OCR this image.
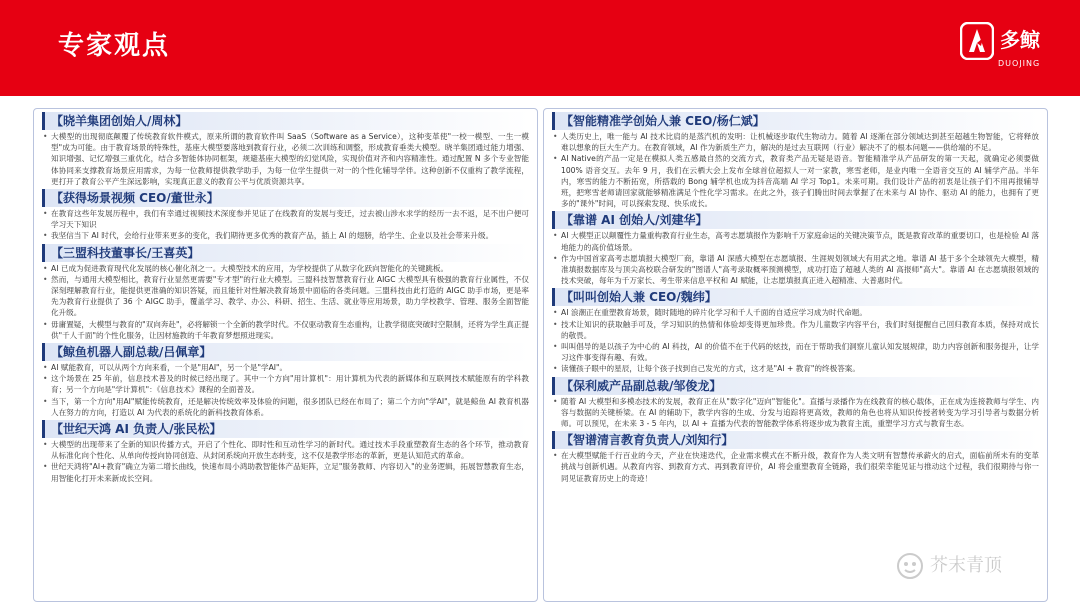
专家观点	多鲸
DUOJING
【晓羊集团创始人/周林】

• 大模型的出现彻底颠覆了传统教育软件模式，原来所谓的教育软件叫 SaaS（Software as a Service），这种变革使"一校一模型、一生一模型"成为可能。由于教育场景的特殊性，基座大模型要落地到教育行业，必须二次训练和调整，形成教育垂类大模型。晓羊集团通过能力增强、知识增强、记忆增强三重优化，结合多智能体协同框架，规避基座大模型的幻觉风险，实现价值对齐和内容精准性。通过配置 N 多个专业智能体协同来支撑教育场景应用需求，为每一位教师提供教学助手，为每一位学生提供一对一的个性化辅导学伴。这种创新不仅重构了教学流程，更打开了教育公平产生深远影响，实现真正意义的教育公平与优质资源共享。

【获得场景视频 CEO/董世永】

• 在教育这些年发展历程中，我们有幸通过视频技术深度参并见证了在线教育的发展与变迁，过去被山涉水求学的经历一去不返，足不出户便可学习天下知识

• 我坚信当下 AI 时代，会给行业带来更多的变化，我们期待更多优秀的教育产品，插上 AI 的翅膀，给学生、企业以及社会带来升级。

【三盟科技董事长/王喜英】

• AI 已成为促进教育现代化发展的核心催化剂之一。大模型技术的应用，为学校提供了从数字化跃向智能化的关键跳板。

• 然而，与通用大模型相比，教育行业显然更需要"专才型"的行业大模型。三盟科技智慧教育行业 AIGC 大模型具有极强的教育行业属性，不仅深刻理解教育行业，能提供更准确的知识答疑，而且能针对性解决教育场景中面临的各类问题。三盟科技由此打造的 AIGC 助手市场，更是率先为教育行业提供了 36 个 AIGC 助手，覆盖学习、教学、办公、科研、招生、生活、就业等应用场景，助力学校教学、管理、服务全面智能化升级。

• 毋庸置疑，大模型与教育的"双向奔赴"，必将解锁一个全新的教学时代。不仅驱动教育生态重构，让教学彻底突破时空限制，还将为学生真正提供"千人千面"的个性化服务，让因材施教的千年教育梦想照进现实。

【鲸鱼机器人副总裁/吕佩章】

• AI 赋能教育，可以从两个方向来看，一个是"用AI"，另一个是"学AI"。

• 这个场景在 25 年前，信息技术普及的时候已经出现了。其中一个方向"用计算机"：用计算机为代表的新媒体和互联网技术赋能原有的学科教育；另一个方向是"学计算机"：《信息技术》课程的全面普及。

• 当下，第一个方向"用AI"赋能传统教育，还是解决传统效率及体验的问题，很多团队已经在布局了；第二个方向"学AI"，就是鲸鱼 AI 教育机器人在努力的方向，打造以 AI 为代表的系统化的新科技教育体系。

【世纪天鸿 AI 负责人/张民松】

• 大模型的出现带来了全新的知识传播方式，开启了个性化、即时性和互动性学习的新时代。通过技术手段重塑教育生态的各个环节，推动教育从标准化向个性化、从单向传授向协同创造、从封闭系统向开放生态转变，这不仅是教学形态的革新，更是认知范式的革命。

• 世纪天鸿将"AI+教育"确立为第二增长曲线，快速布局小鸿助教智能体产品矩阵，立足"服务教师、内容切入"的业务逻辑，拓展智慧教育生态，用智能化打开未来新成长空间。

【智能精准学创始人兼 CEO/杨仁斌】

• 人类历史上，唯一能与 AI 技术比肩的是蒸汽机的发明：让机械逐步取代生物动力。随着 AI 逐渐在部分领域达到甚至超越生物智能，它将释放难以想象的巨大生产力。在教育领域，AI 作为新质生产力，解决的是过去互联网（行业）解决不了的根本问题——供给端的不足。

• AI Native的产品一定是在模拟人类五感最自然的交流方式，教育类产品无疑是语音。智能精准学从产品研发的第一天起，就确定必须要做 100% 语音交互。去年 9 月，我们在云栖大会上发布全球首位超拟人一对一家教，寒雪老师，是业内唯一全语音交互的 AI 辅学产品。半年内，寒雪的能力不断拓宽，所搭载的 Bong 辅学机也成为抖音高端 AI 学习 Top1。未来可期。我们设计产品的初衷是让孩子们不用再报辅导班，把寒雪老师请回家就能够精准满足个性化学习需求。在此之外，孩子们腾出时间去掌握了在未来与 AI 协作、驱动 AI 的能力，也拥有了更多的"课外"时间，可以探索发现、快乐成长。

【靠谱 AI 创始人/刘建华】

• AI 大模型正以颠覆性力量重构教育行业生态，高考志愿填报作为影响千万家庭命运的关键决策节点，既是教育改革的重要切口，也是检验 AI 落地能力的高价值场景。

• 作为中国首家高考志愿填报大模型厂商，靠谱 AI 深感大模型在志愿填报、生涯规划领域大有用武之地。靠谱 AI 基于多个全球领先大模型，精准填报数据库及与顶尖高校联合研发的"图谱人"高考录取概率预测模型，成功打造了超越人类的 AI 高报师"高大"。靠谱 AI 在志愿填报领域的技术突破，每年为千万家长、考生带来信息平权和 AI 赋能，让志愿填报真正进入超精准、大普惠时代。

【叫叫创始人兼 CEO/魏纬】

• AI 浪潮正在重塑教育场景，随时随地的碎片化学习和千人千面的自适应学习成为时代命题。

• 技术让知识的获取触手可及，学习知识的热情和体验却变得更加珍贵。作为儿童数字内容平台，我们时刻提醒自己回归教育本质，保持对成长的敬畏。

• 叫叫倡导的是以孩子为中心的 AI 科技，AI 的价值不在于代码的炫技，而在于帮助我们洞察儿童认知发展规律，助力内容创新和服务提升，让学习这件事变得有趣、有效。

• 读懂孩子眼中的星辰，让每个孩子找到自己发光的方式，这才是"AI + 教育"的终极答案。

【保利威产品副总裁/邹俊龙】

• 随着 AI 大模型和多模态技术的发展，教育正在从"数字化"迈向"智能化"。直播与录播作为在线教育的核心载体，正在成为连接教师与学生、内容与数据的关键桥梁。在 AI 的辅助下，教学内容的生成、分发与追踪将更高效，教师的角色也将从知识传授者转变为学习引导者与数据分析师。可以预见，在未来 3 - 5 年内，以 AI + 直播为代表的智能教学体系将逐步成为教育主流，重塑学习方式与教育生态。

【智谱清言教育负责人/刘知行】

• 在大模型赋能千行百业的今天，产业在快速迭代，企业需求模式在不断升级，教育作为人类文明有智慧传承薪火的启式，面临前所未有的变革挑战与创新机遇。从教育内容、到教育方式、再到教育评价，AI 将会重塑教育全链路，我们很荣幸能见证与推动这个过程，我们很期待与你一同见证教育历史上的奇迹！

芥末青顶
